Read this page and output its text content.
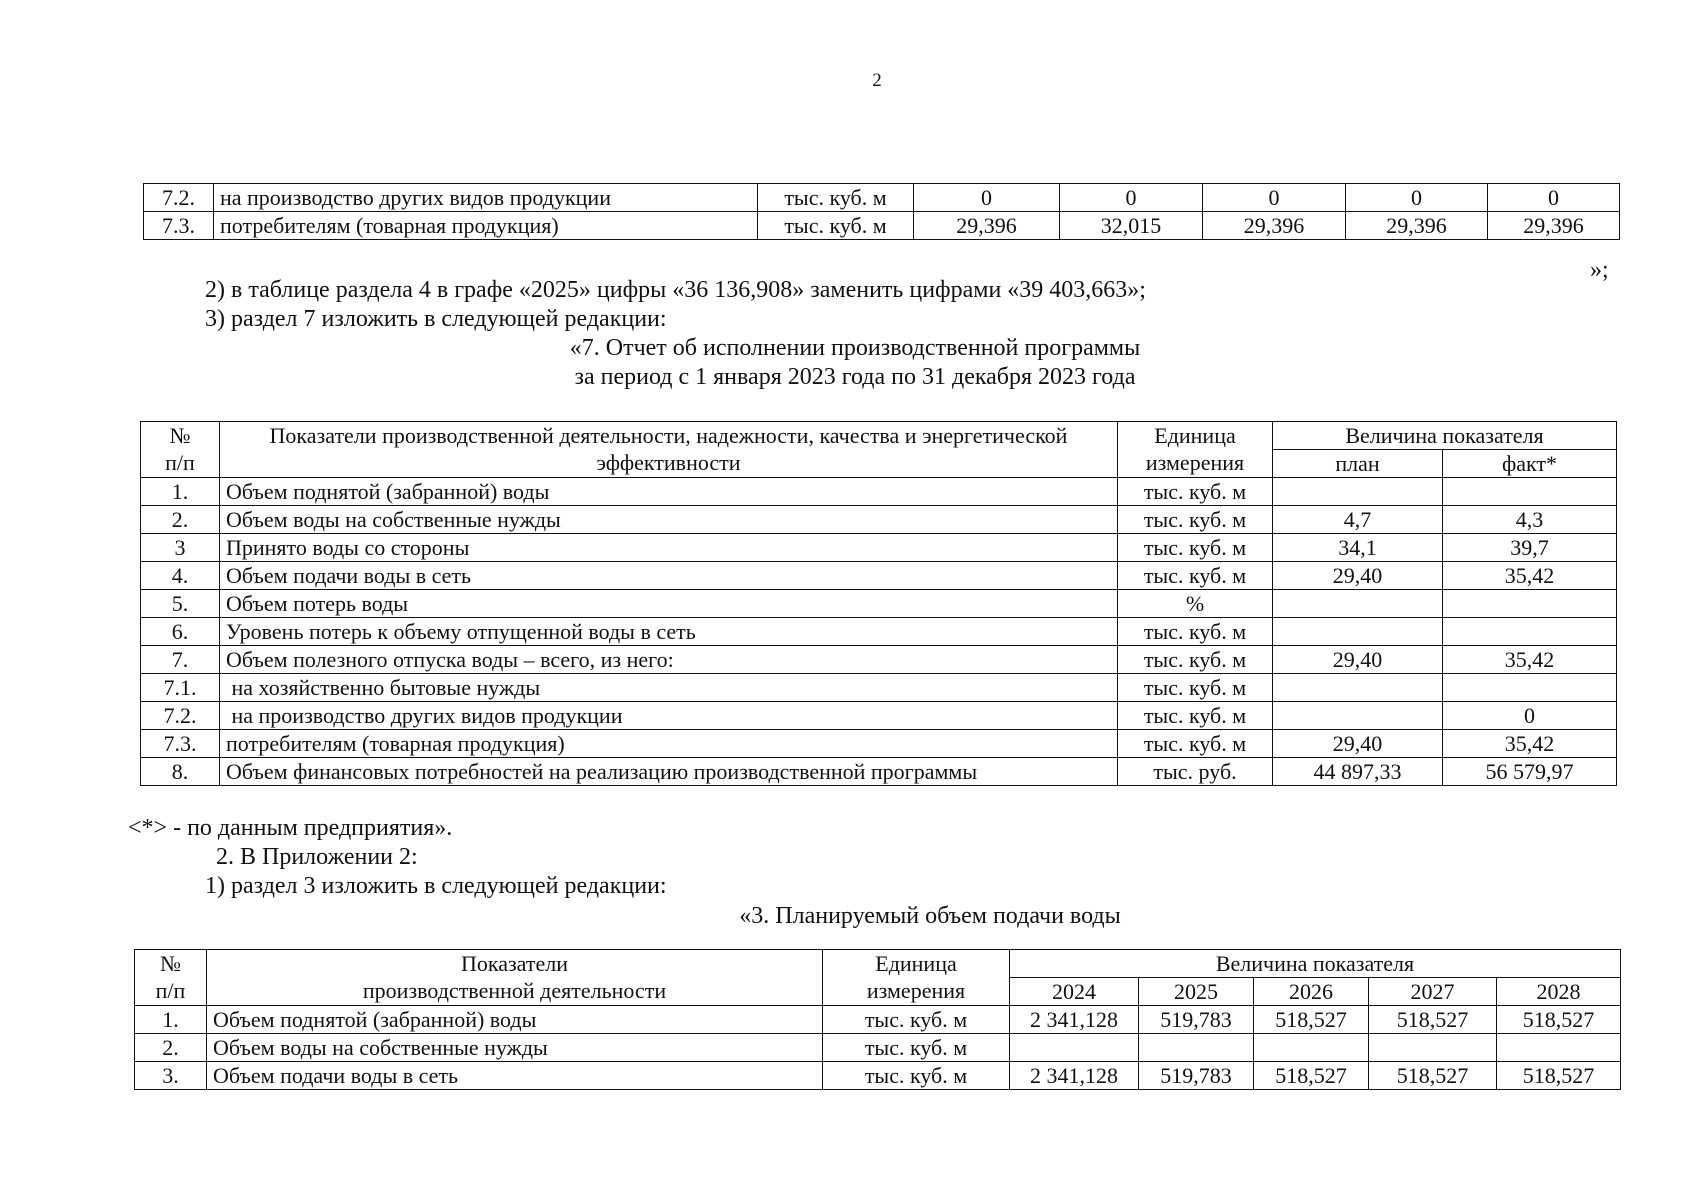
2
7.2.	на производство других видов продукции	тыс. куб. м	0	0	0	0	0
7.3.	потребителям (товарная продукция)	тыс. куб. м	29,396	32,015	29,396	29,396	29,396
»;
2) в таблице раздела 4 в графе «2025» цифры «36 136,908» заменить цифрами «39 403,663»;
3) раздел 7 изложить в следующей редакции:
«7. Отчет об исполнении производственной программы
за период с 1 января 2023 года по 31 декабря 2023 года
№	Показатели производственной деятельности, надежности, качества и энергетической	Единица	Величина показателя	
п/п	эффективности	измерения	план	факт*
1.	Объем поднятой (забранной) воды	тыс. куб. м		
2.	Объем воды на собственные нужды	тыс. куб. м	4,7	4,3
3	Принято воды со стороны	тыс. куб. м	34,1	39,7
4.	Объем подачи воды в сеть	тыс. куб. м	29,40	35,42
5.	Объем потерь воды	%		
6.	Уровень потерь к объему отпущенной воды в сеть	тыс. куб. м		
7.	Объем полезного отпуска воды – всего, из него:	тыс. куб. м	29,40	35,42
7.1.	на хозяйственно бытовые нужды	тыс. куб. м		
7.2.	на производство других видов продукции	тыс. куб. м		0
7.3.	потребителям (товарная продукция)	тыс. куб. м	29,40	35,42
8.	Объем финансовых потребностей на реализацию производственной программы	тыс. руб.	44 897,33	56 579,97
<*> - по данным предприятия».
2. В Приложении 2:
1) раздел 3 изложить в следующей редакции:
«3. Планируемый объем подачи воды
№	Показатели	Единица	Величина показателя				
п/п	производственной деятельности	измерения	2024	2025	2026	2027	2028
1.	Объем поднятой (забранной) воды	тыс. куб. м	2 341,128	519,783	518,527	518,527	518,527
2.	Объем воды на собственные нужды	тыс. куб. м					
3.	Объем подачи воды в сеть	тыс. куб. м	2 341,128	519,783	518,527	518,527	518,527
